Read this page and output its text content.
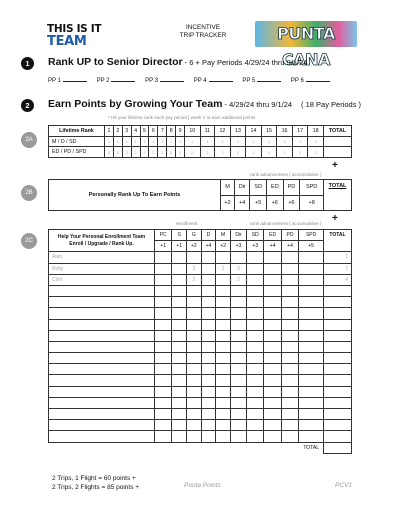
THIS IS IT
TEAM
INCENTIVE
TRIP TRACKER	PUNTA CANA
1	Rank UP to Senior Director - 6 + Pay Periods 4/29/24 thru 9/1/24
PP 1	PP 2	PP 3	PP 4	PP 5	PP 6
2	Earn Points by Growing Your Team - 4/29/24 thru 9/1/24 ( 18 Pay Periods )
* Hit your lifetime rank each pay period | week 1 to earn additional points
2A
Lifetime Rank	1	2	3	4	5	6	7	8	9	10	11	12	13	14	15	16	17	18	TOTAL
M / D / SD	1	1	1	1	1	1	1	1	1	1	1	1	1	1	1	1	1	1	
ED / PD / SPD	2	2	2	2	2	2	2	2	2	2	2	2	2	2	2	2	2	2	
+
rank advancement ( accumulative )
2B	Personally Rank Up To Earn Points	M	Dir	SD	ED	PD	SPD	TOTAL
	+2	+4	+5	+6	+6	+8	
+
enrollment	rank advancement ( accumulative )
2C
Help Your Personal Enrollment Team
Enroll / Upgrade / Rank Up.	PC	S	G	D	M	Dir	SD	ED	PD	SPD	TOTAL
	+1	+1	+2	+4	+2	+3	+3	+4	+4	+5	
Alan											1
Betty			2		2	3					7
Clint			2			2					4

TOTAL											
2 Trips, 1 Flight = 60 points +
2 Trips, 2 Flights = 85 points +	Punta Points	PCV1
